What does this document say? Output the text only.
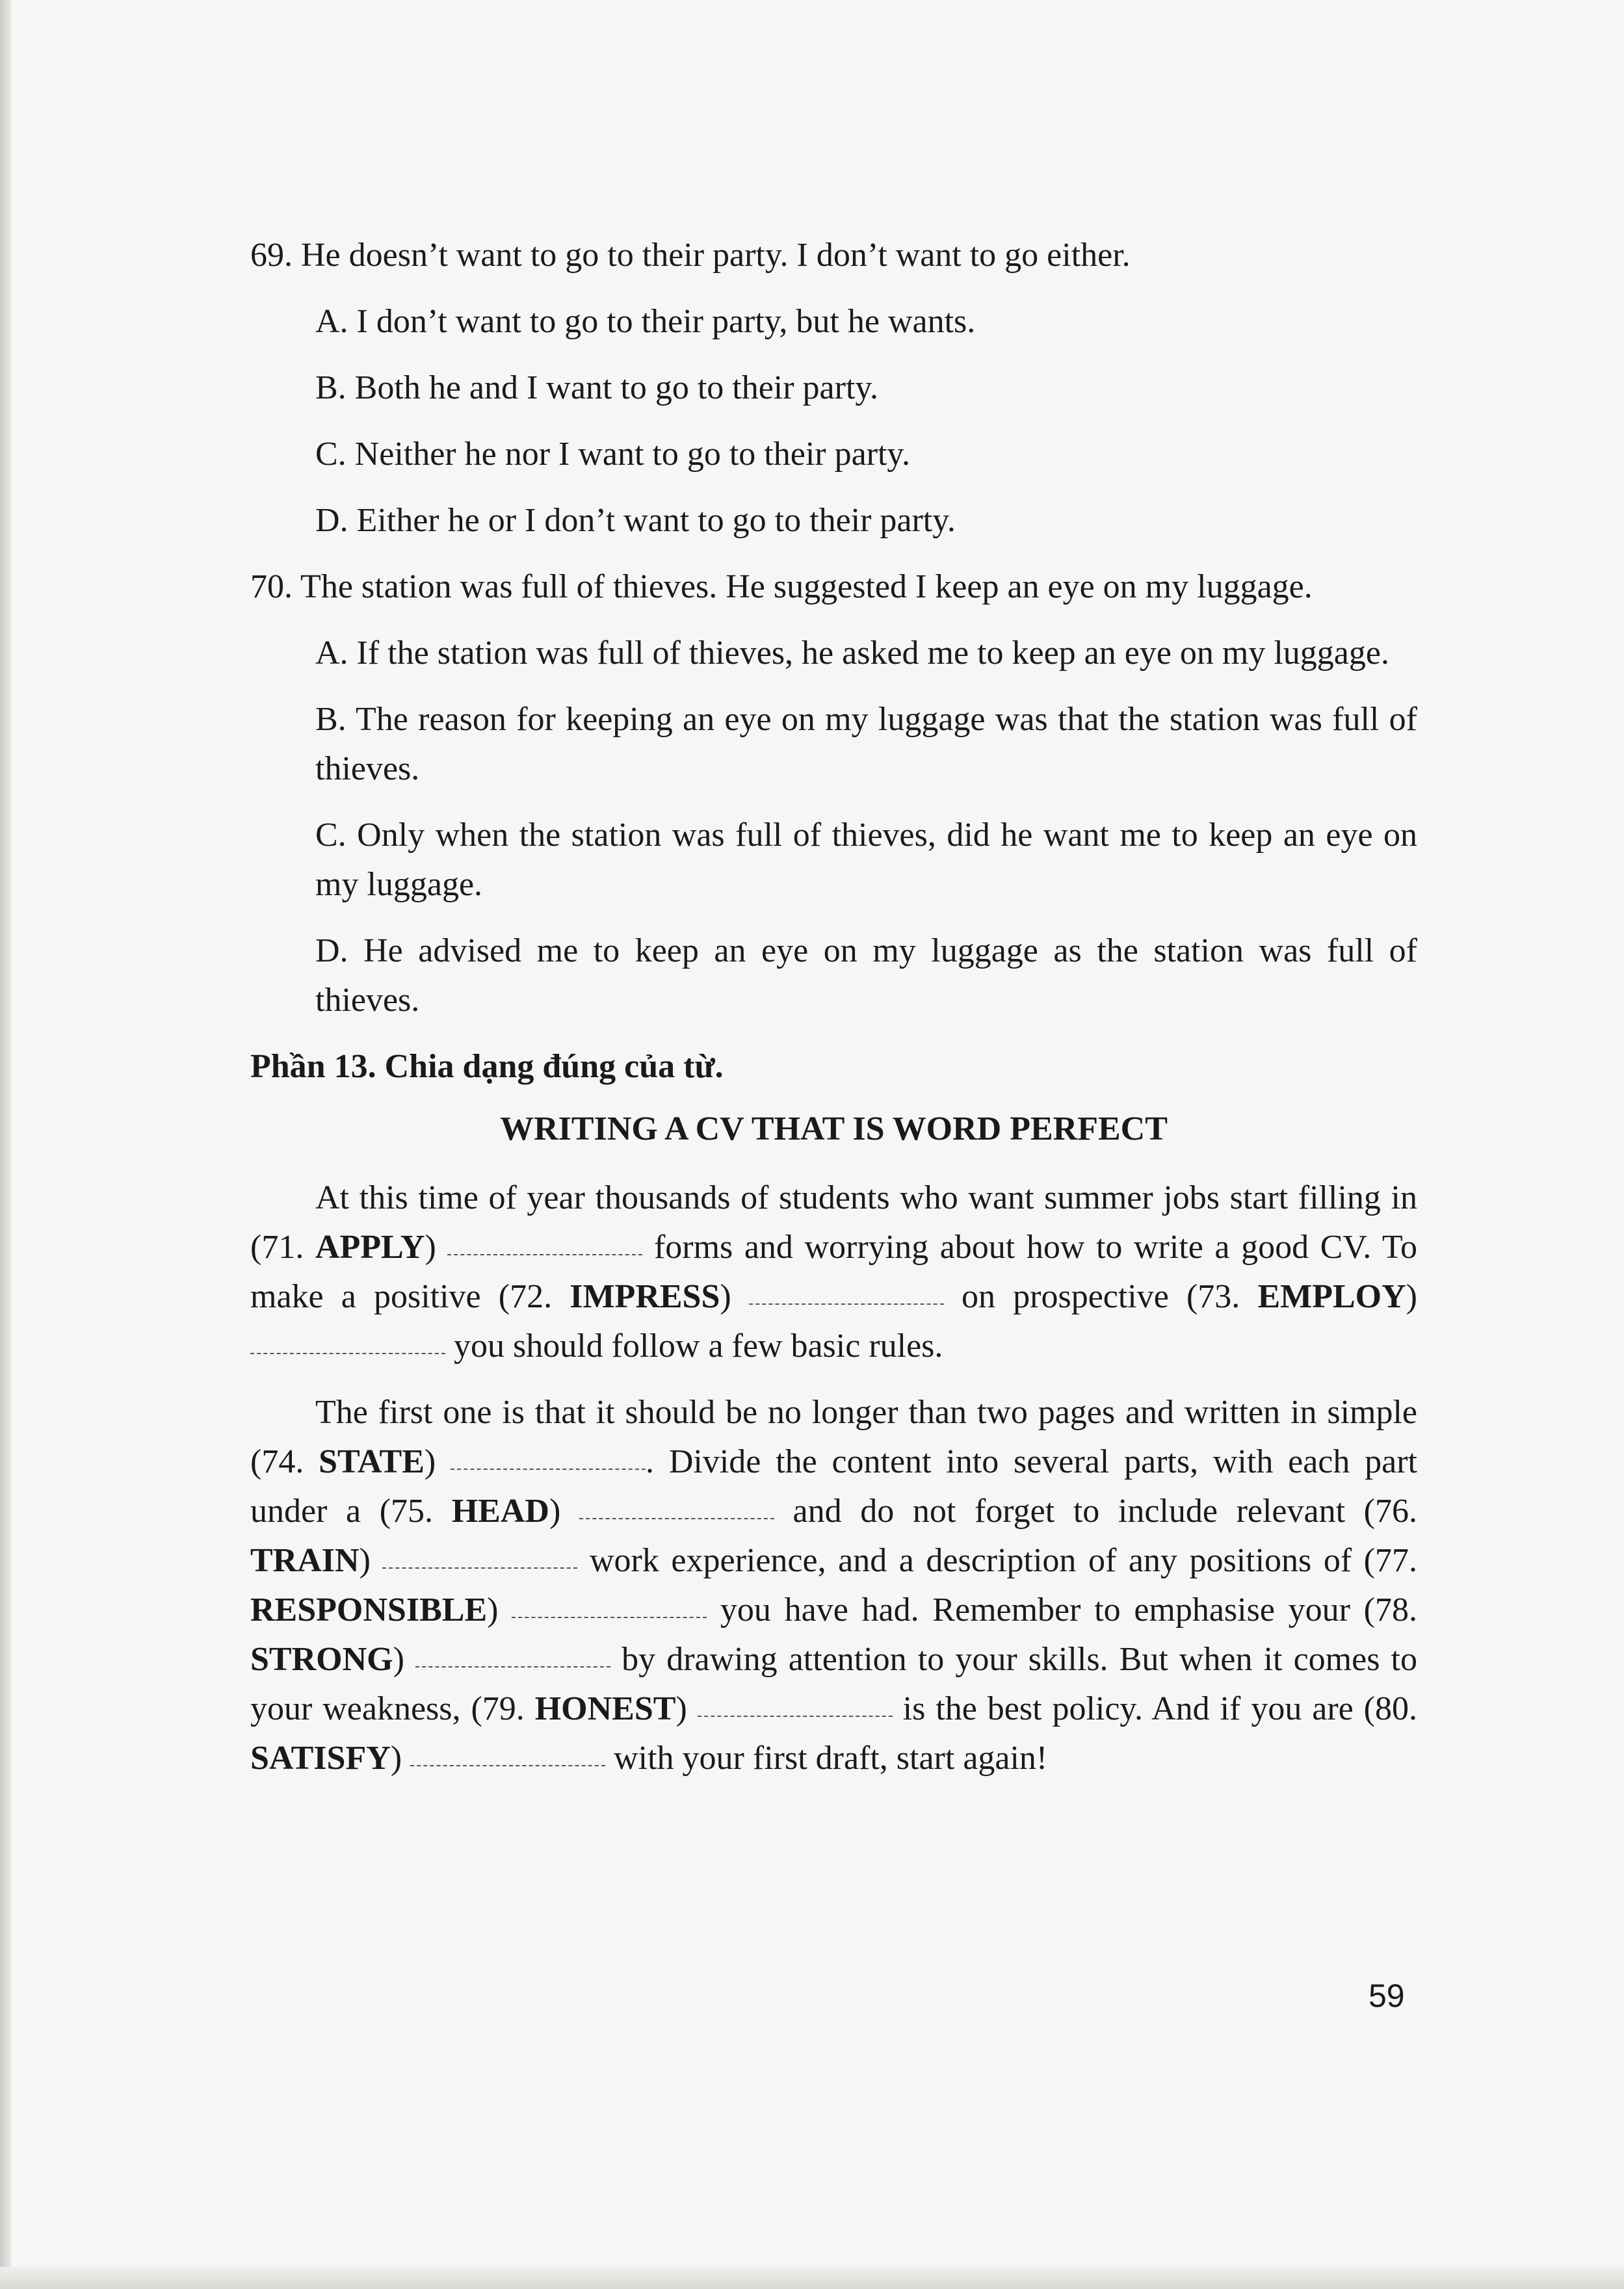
69. He doesn’t want to go to their party. I don’t want to go either.

A. I don’t want to go to their party, but he wants.

B. Both he and I want to go to their party.

C. Neither he nor I want to go to their party.

D. Either he or I don’t want to go to their party.

70. The station was full of thieves. He suggested I keep an eye on my luggage.

A. If the station was full of thieves, he asked me to keep an eye on my luggage.

B. The reason for keeping an eye on my luggage was that the station was full of thieves.

C. Only when the station was full of thieves, did he want me to keep an eye on my luggage.

D. He advised me to keep an eye on my luggage as the station was full of thieves.

Phần 13. Chia dạng đúng của từ.

WRITING A CV THAT IS WORD PERFECT

At this time of year thousands of students who want summer jobs start filling in (71. APPLY)	forms and worrying about how to write a good CV. To make a positive (72. IMPRESS)	on prospective (73. EMPLOY)  you should follow a few basic rules.

The first one is that it should be no longer than two pages and written in simple (74. STATE)	. Divide the content into several parts, with each part under a (75. HEAD)	and do not forget to include relevant (76. TRAIN)	work experience, and a description of any positions of (77. RESPONSIBLE)	you have had. Remember to emphasise your (78. STRONG)	by drawing attention to your skills. But when it comes to your weakness, (79. HONEST)	is the best policy. And if you are (80. SATISFY)	with your first draft, start again!

59
